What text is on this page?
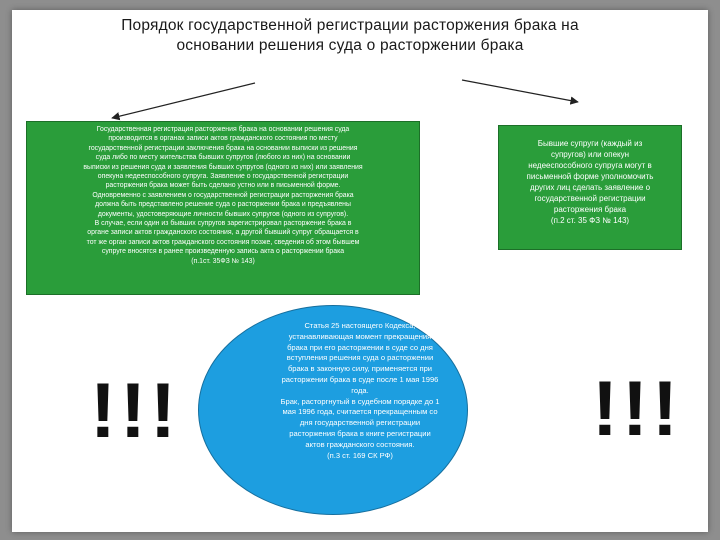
Порядок государственной регистрации расторжения брака на
основании решения суда о расторжении брака

Государственная регистрация расторжения брака на основании решения суда

производится в органах записи актов гражданского состояния по месту

государственной регистрации заключения брака на основании выписки из решения

суда либо по месту жительства бывших супругов (любого из них) на основании

выписки из решения суда и заявления бывших супругов (одного из них) или заявления

опекуна недееспособного супруга. Заявление о государственной регистрации

расторжения брака может быть сделано устно или в письменной форме.

Одновременно с заявлением о государственной регистрации расторжения брака

должна быть представлено решение суда о расторжении брака и предъявлены

документы, удостоверяющие личности бывших супругов (одного из супругов).

В случае, если один из бывших супругов зарегистрировал расторжение брака в

органе записи актов гражданского состояния, а другой бывший супруг обращается в

тот же орган записи актов гражданского состояния позже, сведения об этом бывшем

супруге вносятся в ранее произведенную запись акта о расторжении брака

(п.1ст. 35ФЗ № 143)

Бывшие супруги (каждый из

супругов) или опекун

недееспособного супруга могут в

письменной форме уполномочить

других лиц сделать заявление о

государственной регистрации

расторжения брака

(п.2 ст. 35 ФЗ № 143)

Статья 25 настоящего Кодекса,

устанавливающая момент прекращения

брака при его расторжении в суде со дня

вступления решения суда о расторжении

брака в законную силу, применяется при

расторжении брака в суде после 1 мая 1996

года.

Брак, расторгнутый в судебном порядке до 1

мая 1996 года, считается прекращенным со

дня государственной регистрации

расторжения брака в книге регистрации

актов гражданского состояния.

(п.3 ст. 169 СК РФ)

!!!	!!!
